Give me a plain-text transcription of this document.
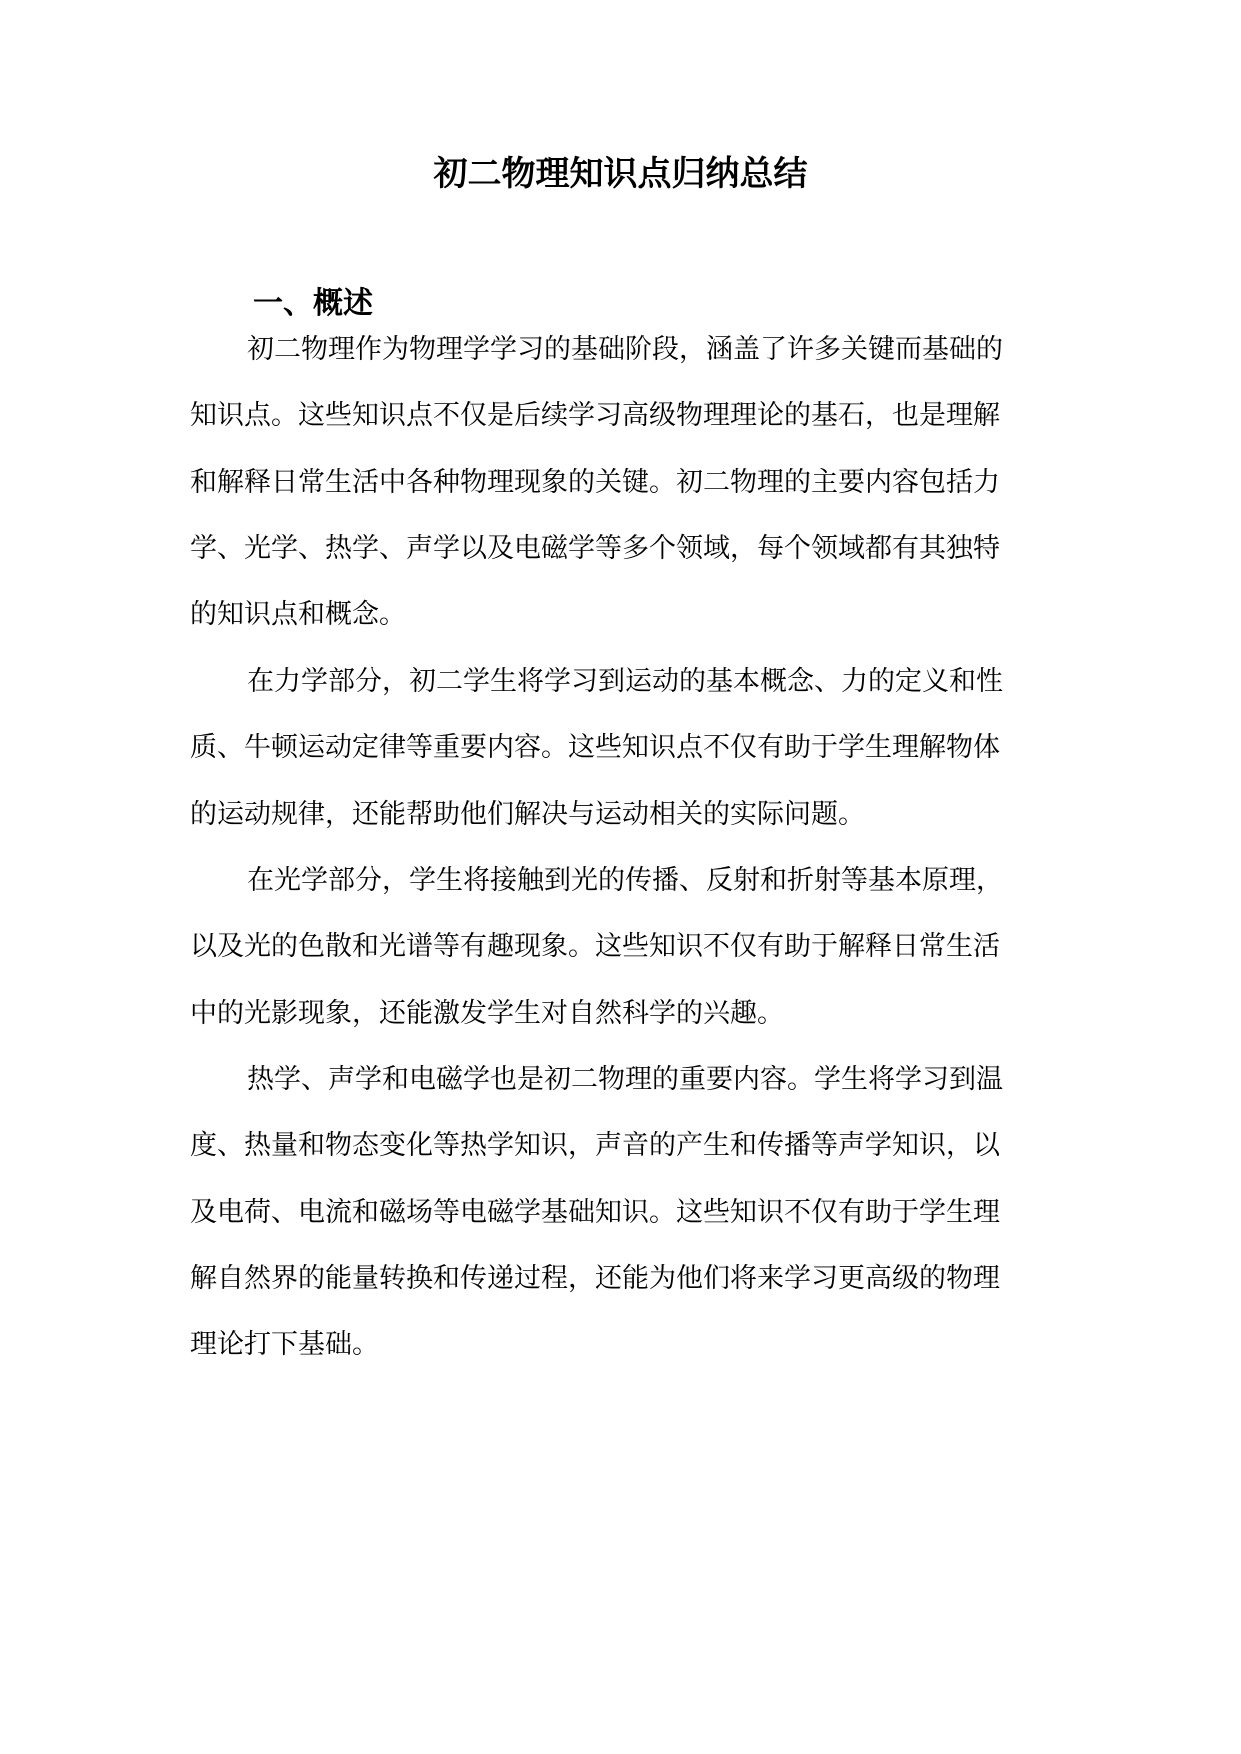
初二物理知识点归纳总结
一、概述
初二物理作为物理学学习的基础阶段，涵盖了许多关键而基础的
知识点。这些知识点不仅是后续学习高级物理理论的基石，也是理解
和解释日常生活中各种物理现象的关键。初二物理的主要内容包括力
学、光学、热学、声学以及电磁学等多个领域，每个领域都有其独特
的知识点和概念。
在力学部分，初二学生将学习到运动的基本概念、力的定义和性
质、牛顿运动定律等重要内容。这些知识点不仅有助于学生理解物体
的运动规律，还能帮助他们解决与运动相关的实际问题。
在光学部分，学生将接触到光的传播、反射和折射等基本原理，
以及光的色散和光谱等有趣现象。这些知识不仅有助于解释日常生活
中的光影现象，还能激发学生对自然科学的兴趣。
热学、声学和电磁学也是初二物理的重要内容。学生将学习到温
度、热量和物态变化等热学知识，声音的产生和传播等声学知识，以
及电荷、电流和磁场等电磁学基础知识。这些知识不仅有助于学生理
解自然界的能量转换和传递过程，还能为他们将来学习更高级的物理
理论打下基础。
